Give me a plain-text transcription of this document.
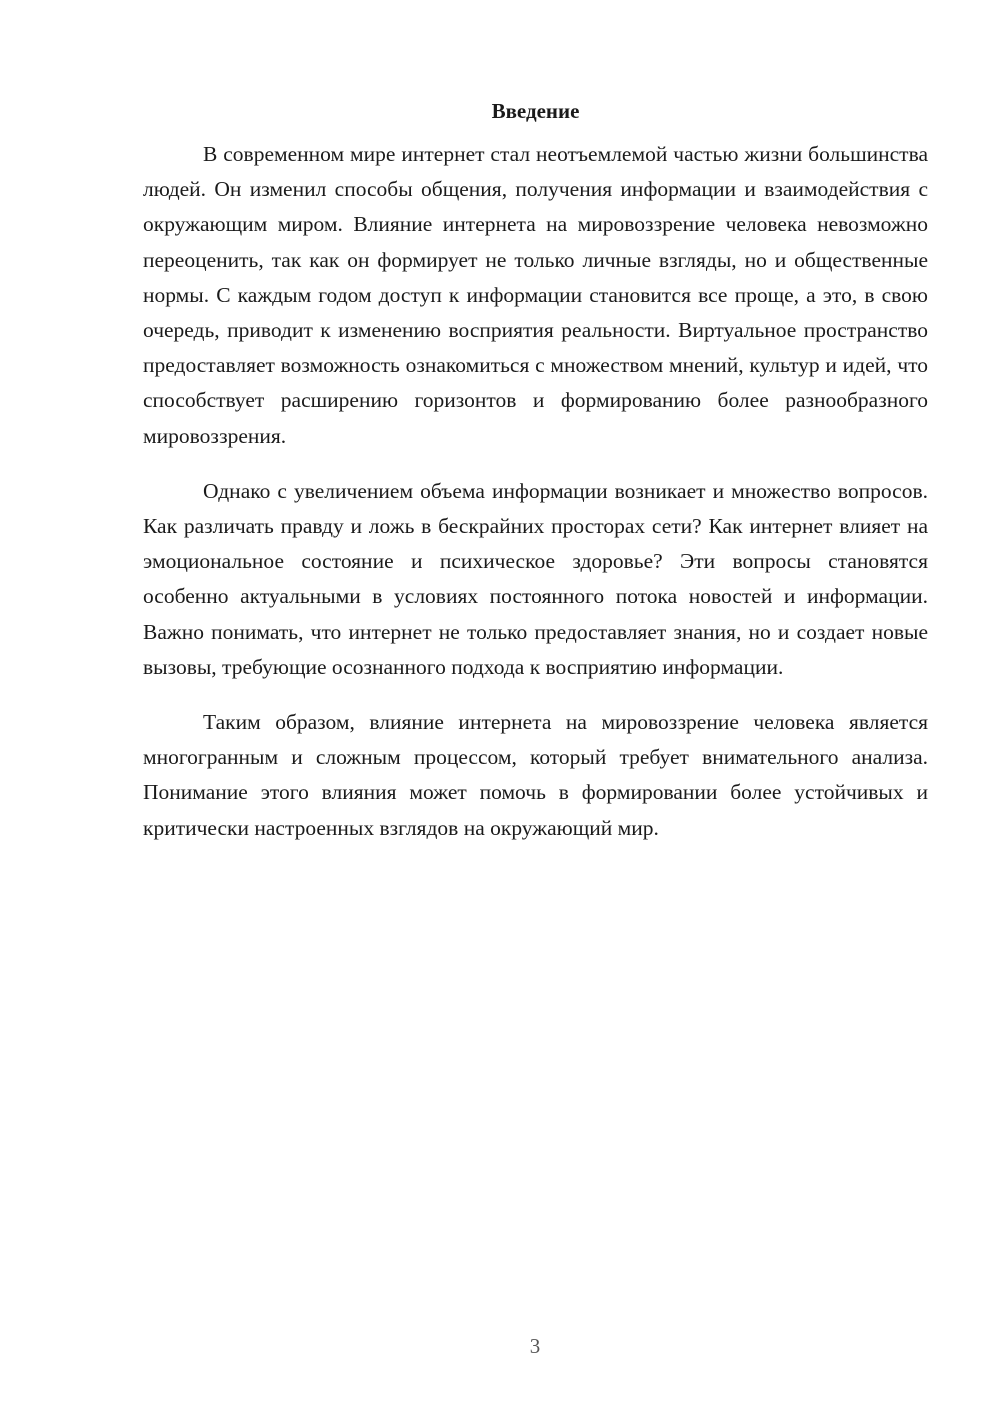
Введение

В современном мире интернет стал неотъемлемой частью жизни большинства людей. Он изменил способы общения, получения информации и взаимодействия с окружающим миром. Влияние интернета на мировоззрение человека невозможно переоценить, так как он формирует не только личные взгляды, но и общественные нормы. С каждым годом доступ к информации становится все проще, а это, в свою очередь, приводит к изменению восприятия реальности. Виртуальное пространство предоставляет возможность ознакомиться с множеством мнений, культур и идей, что способствует расширению горизонтов и формированию более разнообразного мировоззрения.

Однако с увеличением объема информации возникает и множество вопросов. Как различать правду и ложь в бескрайних просторах сети? Как интернет влияет на эмоциональное состояние и психическое здоровье? Эти вопросы становятся особенно актуальными в условиях постоянного потока новостей и информации. Важно понимать, что интернет не только предоставляет знания, но и создает новые вызовы, требующие осознанного подхода к восприятию информации.

Таким образом, влияние интернета на мировоззрение человека является многогранным и сложным процессом, который требует внимательного анализа. Понимание этого влияния может помочь в формировании более устойчивых и критически настроенных взглядов на окружающий мир.

3
